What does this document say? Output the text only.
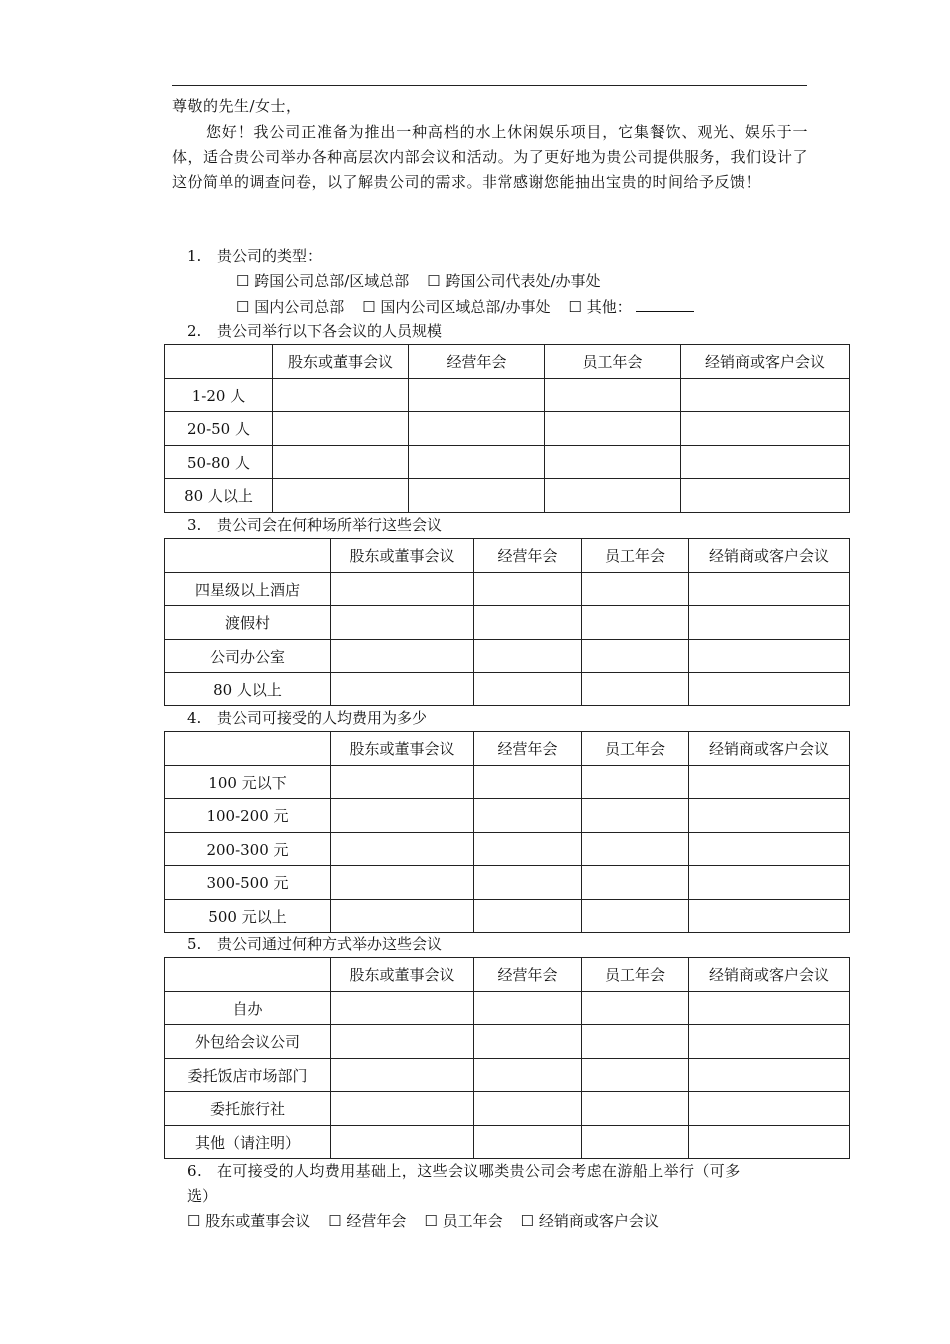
尊敬的先生/女士，

您好！我公司正准备为推出一种高档的水上休闲娱乐项目，它集餐饮、观光、娱乐于一体，适合贵公司举办各种高层次内部会议和活动。为了更好地为贵公司提供服务，我们设计了这份简单的调查问卷，以了解贵公司的需求。非常感谢您能抽出宝贵的时间给予反馈！

1. 贵公司的类型：
☐ 跨国公司总部/区域总部 ☐ 跨国公司代表处/办事处
☐ 国内公司总部 ☐ 国内公司区域总部/办事处 ☐ 其他：
2. 贵公司举行以下各会议的人员规模
	股东或董事会议	经营年会	员工年会	经销商或客户会议
1-20 人				
20-50 人				
50-80 人				
80 人以上				
3. 贵公司会在何种场所举行这些会议
	股东或董事会议	经营年会	员工年会	经销商或客户会议
四星级以上酒店				
渡假村				
公司办公室				
80 人以上				
4. 贵公司可接受的人均费用为多少
	股东或董事会议	经营年会	员工年会	经销商或客户会议
100 元以下				
100-200 元				
200-300 元				
300-500 元				
500 元以上				
5. 贵公司通过何种方式举办这些会议
	股东或董事会议	经营年会	员工年会	经销商或客户会议
自办				
外包给会议公司				
委托饭店市场部门				
委托旅行社				
其他（请注明）				
6. 在可接受的人均费用基础上，这些会议哪类贵公司会考虑在游船上举行（可多
选）
☐ 股东或董事会议 ☐ 经营年会 ☐ 员工年会 ☐ 经销商或客户会议
